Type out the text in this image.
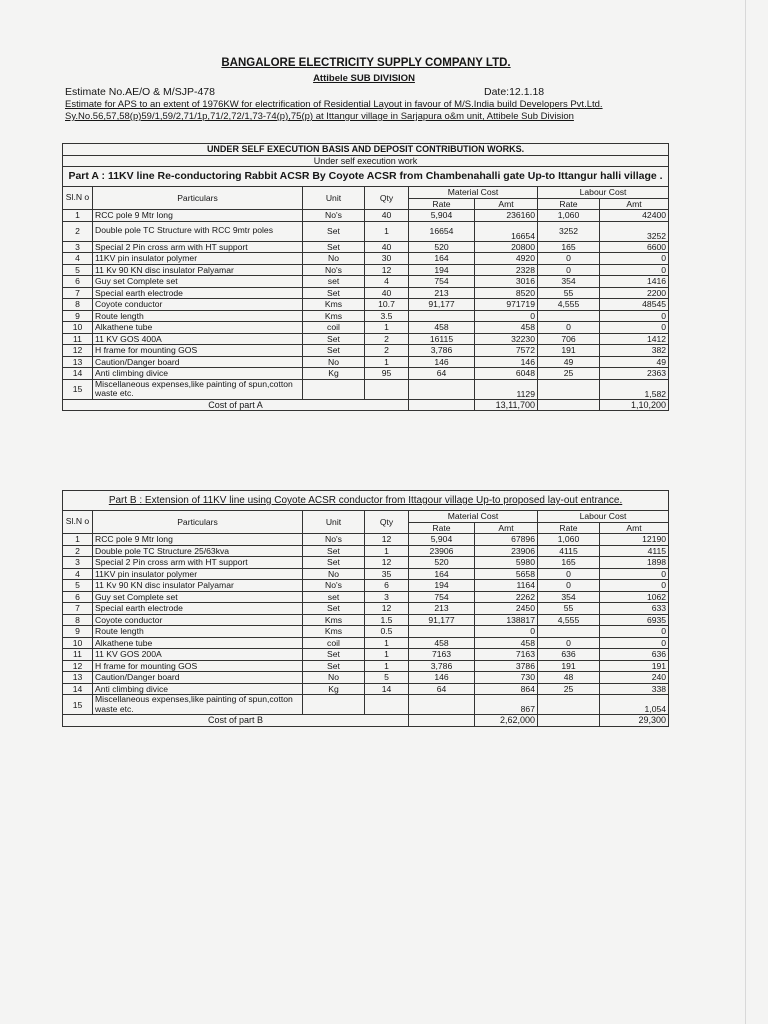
BANGALORE ELECTRICITY SUPPLY COMPANY LTD.
Attibele SUB DIVISION
Estimate No.AE/O & M/SJP-478	Date:12.1.18
Estimate for APS to an extent of 1976KW for electrification of Residential Layout in favour of M/S.India build Developers Pvt.Ltd. Sy.No.56,57,58(p)59/1,59/2,71/1p,71/2,72/1,73-74(p),75(p) at Ittangur village in Sarjapura o&m unit, Attibele Sub Division
UNDER SELF EXECUTION BASIS AND DEPOSIT CONTRIBUTION WORKS.							
Under self execution work							
Part A : 11KV line Re-conductoring Rabbit ACSR By Coyote ACSR from Chambenahalli gate Up-to Ittangur halli village .							
Sl.N o	Particulars	Unit	Qty	Material Cost		Labour Cost	
				Rate	Amt	Rate	Amt
1	RCC pole 9 Mtr long	No's	40	5,904	236160	1,060	42400
2	Double pole TC Structure with RCC 9mtr poles	Set	1	16654	16654	3252	3252
3	Special 2 Pin cross arm with HT support	Set	40	520	20800	165	6600
4	11KV pin insulator polymer	No	30	164	4920	0	0
5	11 Kv 90 KN disc insulator Palyamar	No's	12	194	2328	0	0
6	Guy set Complete set	set	4	754	3016	354	1416
7	Special earth electrode	Set	40	213	8520	55	2200
8	Coyote conductor	Kms	10.7	91,177	971719	4,555	48545
9	Route length	Kms	3.5		0		0
10	Alkathene tube	coil	1	458	458	0	0
11	11 KV GOS 400A	Set	2	16115	32230	706	1412
12	H frame for mounting GOS	Set	2	3,786	7572	191	382
13	Caution/Danger board	No	1	146	146	49	49
14	Anti climbing divice	Kg	95	64	6048	25	2363
15	Miscellaneous expenses,like painting of spun,cotton waste etc.				1129		1,582
Cost of part A					13,11,700		1,10,200
Part B : Extension of 11KV line using Coyote ACSR conductor from Ittagour village Up-to proposed lay-out entrance.							
Sl.N o	Particulars	Unit	Qty	Material Cost		Labour Cost	
				Rate	Amt	Rate	Amt
1	RCC pole 9 Mtr long	No's	12	5,904	67896	1,060	12190
2	Double pole TC Structure 25/63kva	Set	1	23906	23906	4115	4115
3	Special 2 Pin cross arm with HT support	Set	12	520	5980	165	1898
4	11KV pin insulator polymer	No	35	164	5658	0	0
5	11 Kv 90 KN disc insulator Palyamar	No's	6	194	1164	0	0
6	Guy set Complete set	set	3	754	2262	354	1062
7	Special earth electrode	Set	12	213	2450	55	633
8	Coyote conductor	Kms	1.5	91,177	138817	4,555	6935
9	Route length	Kms	0.5		0		0
10	Alkathene tube	coil	1	458	458	0	0
11	11 KV GOS 200A	Set	1	7163	7163	636	636
12	H frame for mounting GOS	Set	1	3,786	3786	191	191
13	Caution/Danger board	No	5	146	730	48	240
14	Anti climbing divice	Kg	14	64	864	25	338
15	Miscellaneous expenses,like painting of spun,cotton waste etc.				867		1,054
Cost of part B					2,62,000		29,300
